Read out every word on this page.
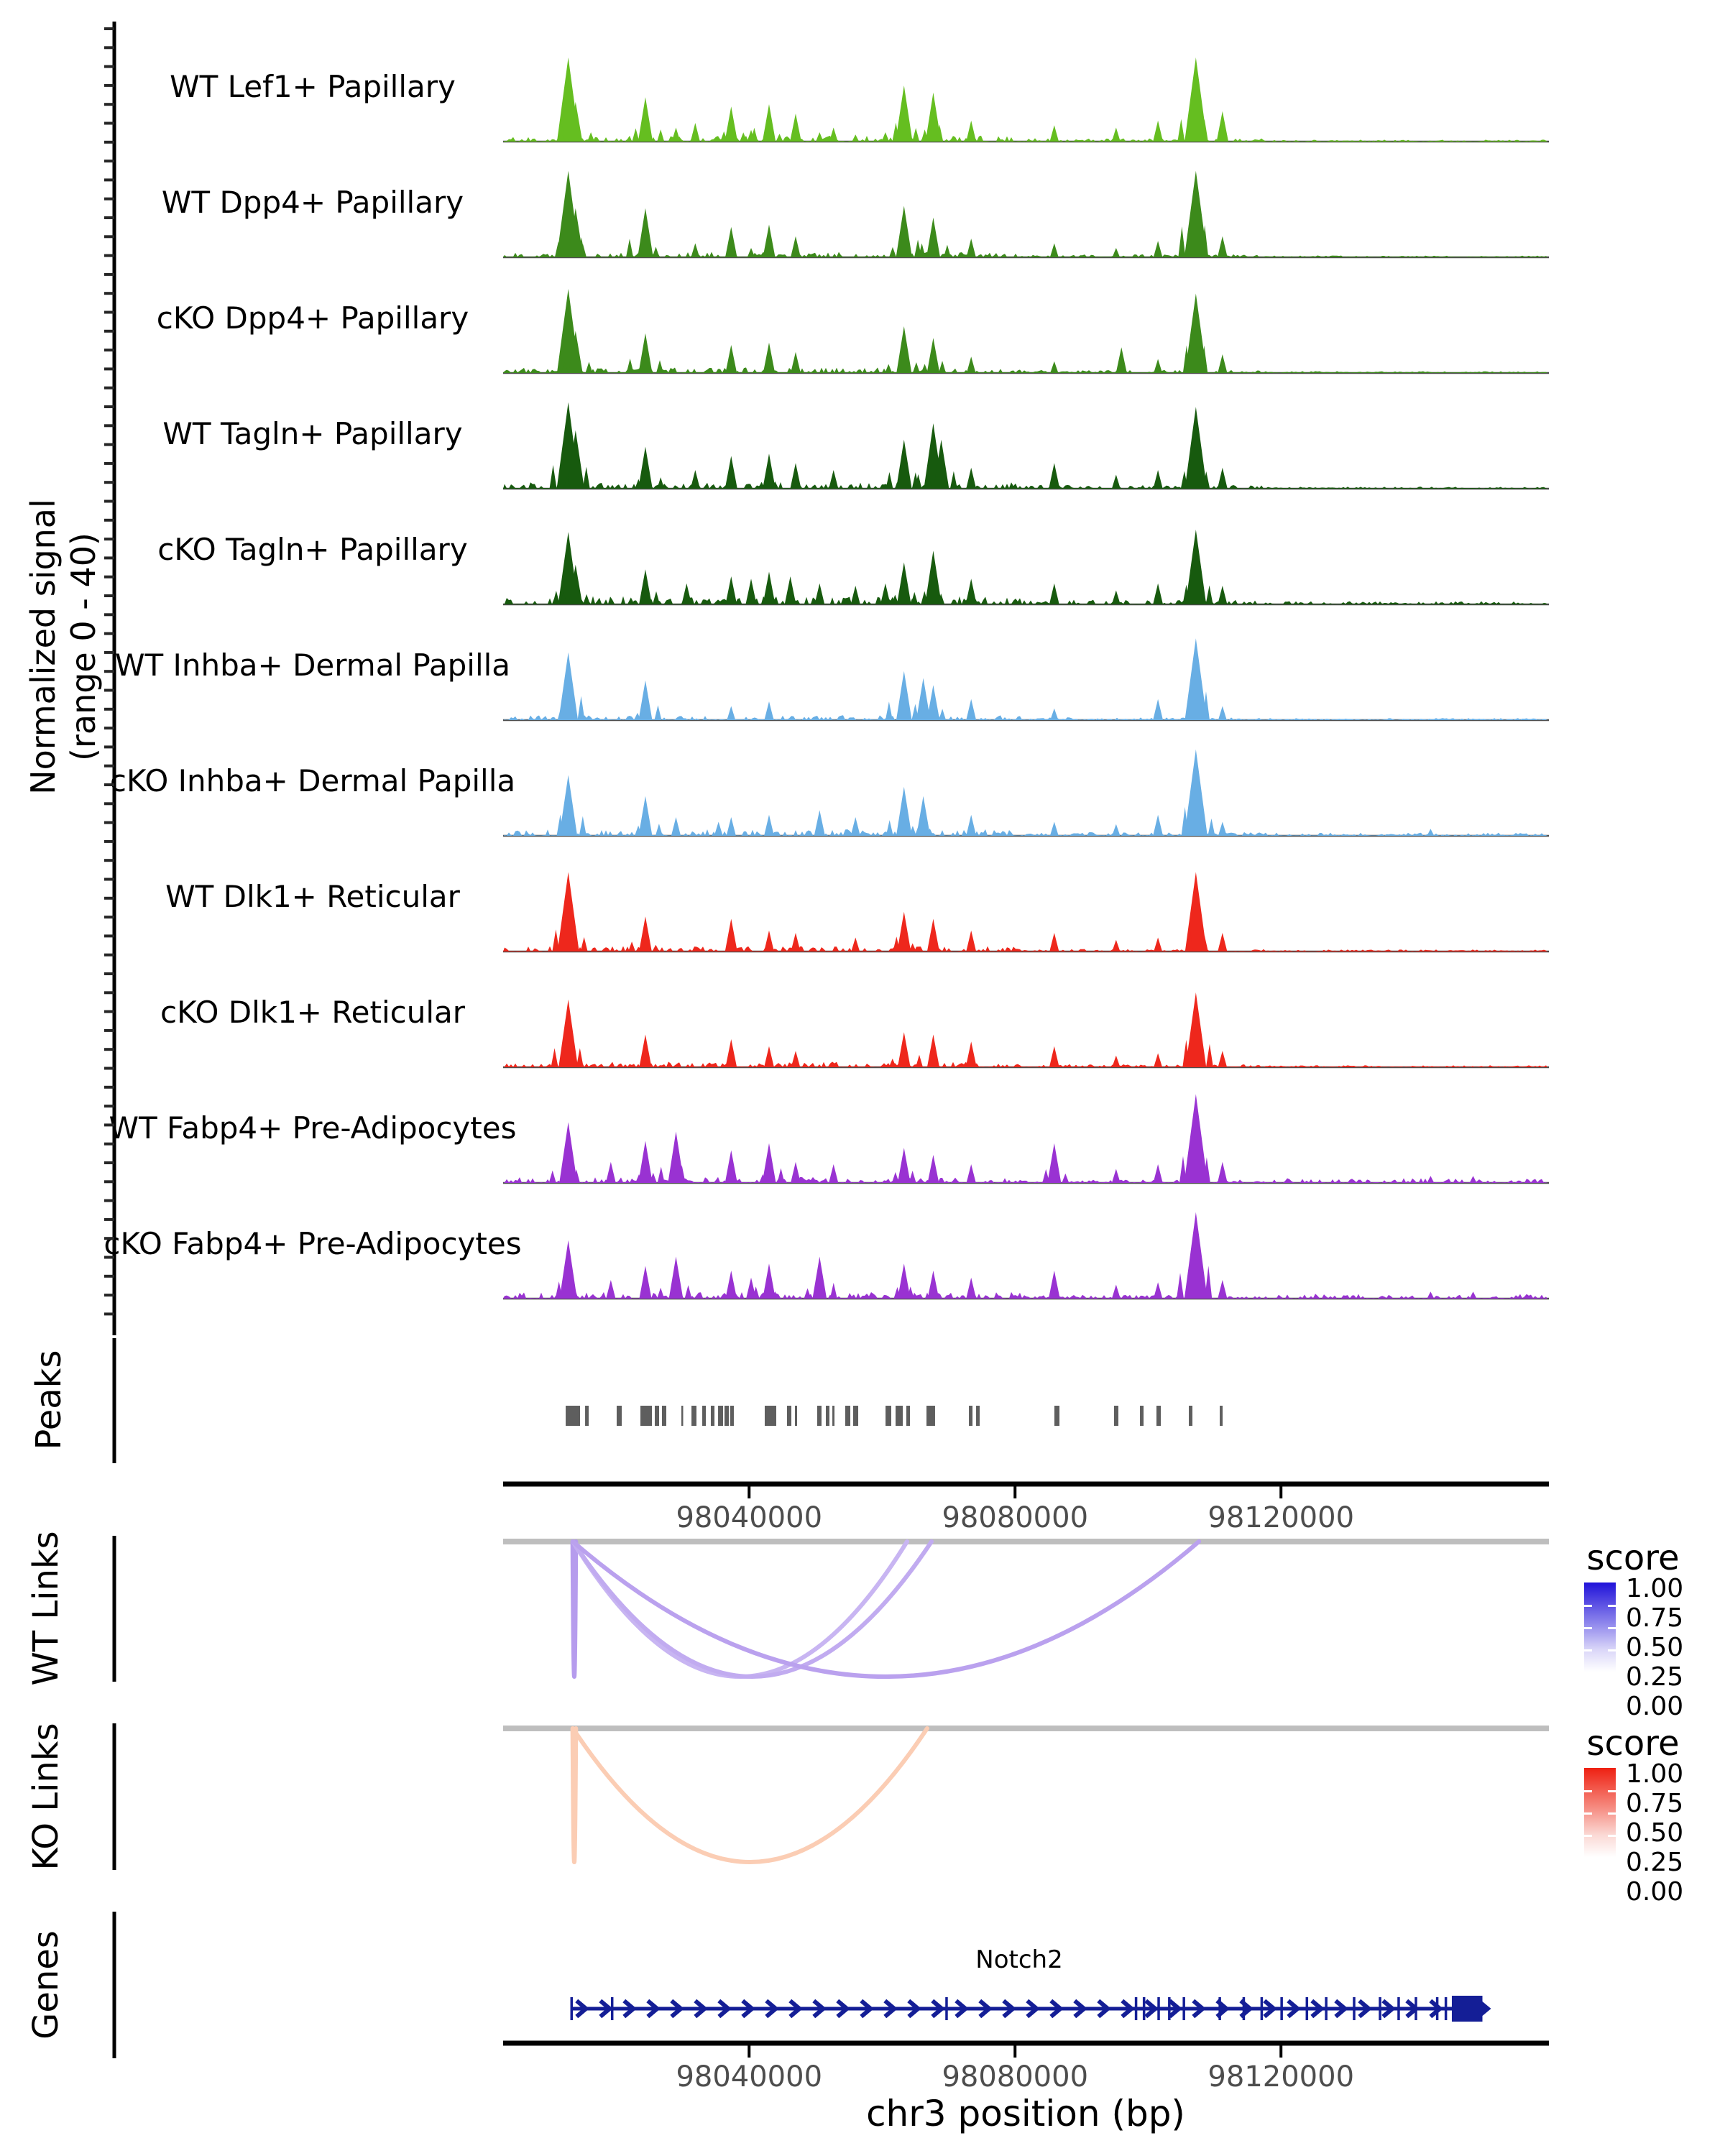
WT Lef1+ Papillary
WT Dpp4+ Papillary
cKO Dpp4+ Papillary
WT Tagln+ Papillary
cKO Tagln+ Papillary
WT Inhba+ Dermal Papilla
cKO Inhba+ Dermal Papilla
WT Dlk1+ Reticular
cKO Dlk1+ Reticular
WT Fabp4+ Pre-Adipocytes
cKO Fabp4+ Pre-Adipocytes
98040000	98080000	98120000
98040000	98080000	98120000
Notch2
Normalized signal (range 0 - 40)
Peaks
WT Links
KO Links
Genes
score
1.00
0.75
0.50
0.25
0.00
score
1.00
0.75
0.50
0.25
0.00
chr3 position (bp)
